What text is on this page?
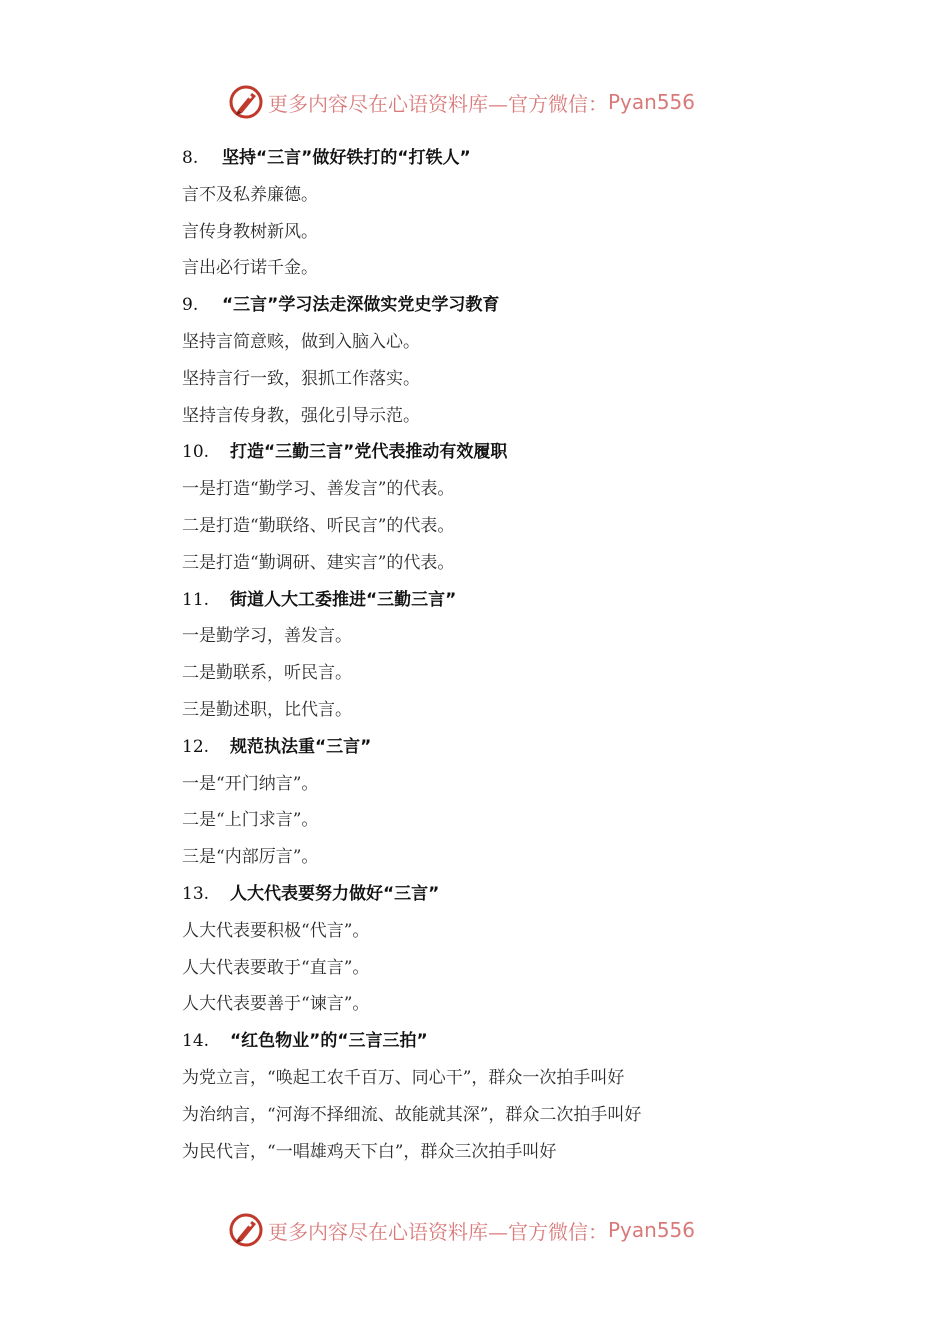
更多内容尽在心语资料库—官方微信： Pyan556
8. 坚持“三言”做好铁打的“打铁人”
言不及私养廉德。
言传身教树新风。
言出必行诺千金。
9. “三言”学习法走深做实党史学习教育
坚持言简意赅，做到入脑入心。
坚持言行一致，狠抓工作落实。
坚持言传身教，强化引导示范。
10. 打造“三勤三言”党代表推动有效履职
一是打造“勤学习、善发言”的代表。
二是打造“勤联络、听民言”的代表。
三是打造“勤调研、建实言”的代表。
11. 街道人大工委推进“三勤三言”
一是勤学习，善发言。
二是勤联系，听民言。
三是勤述职，比代言。
12. 规范执法重“三言”
一是“开门纳言”。
二是“上门求言”。
三是“内部厉言”。
13. 人大代表要努力做好“三言”
人大代表要积极“代言”。
人大代表要敢于“直言”。
人大代表要善于“谏言”。
14. “红色物业”的“三言三拍”
为党立言，“唤起工农千百万、同心干”，群众一次拍手叫好
为治纳言，“河海不择细流、故能就其深”，群众二次拍手叫好
为民代言，“一唱雄鸡天下白”，群众三次拍手叫好
更多内容尽在心语资料库—官方微信： Pyan556
